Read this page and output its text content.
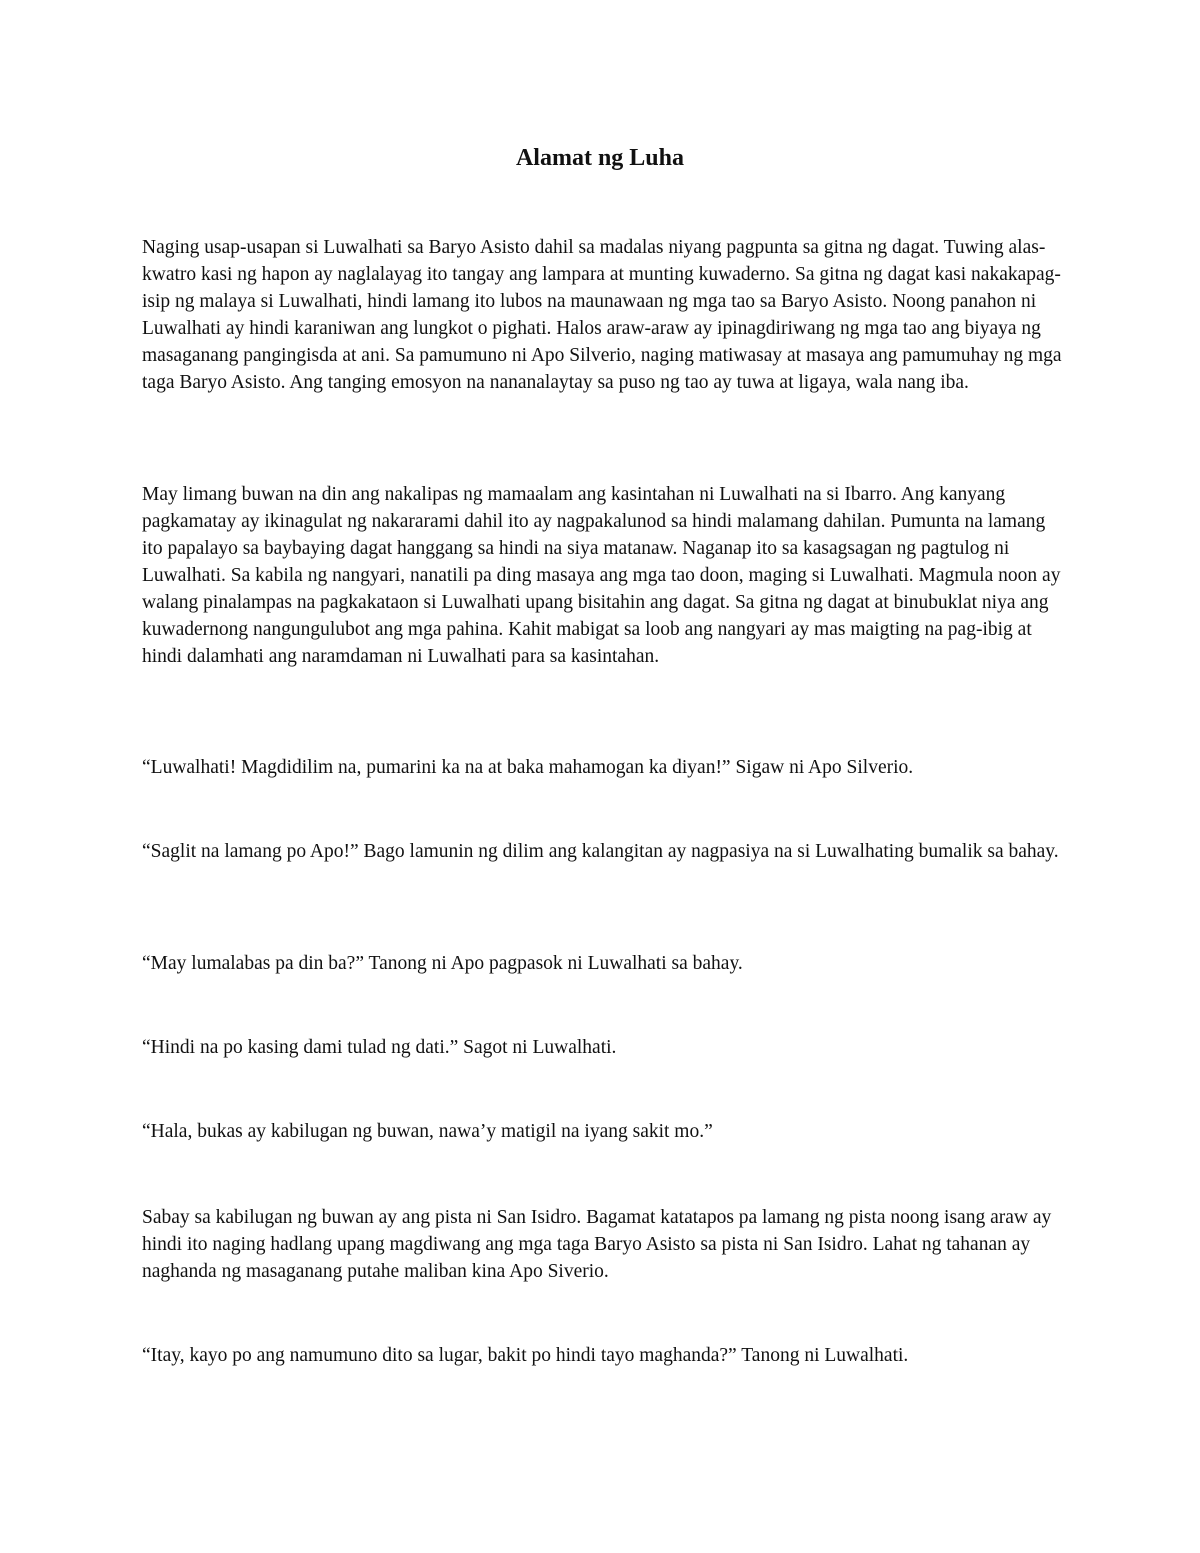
Alamat ng Luha

Naging usap-usapan si Luwalhati sa Baryo Asisto dahil sa madalas niyang pagpunta sa gitna ng dagat. Tuwing alas-kwatro kasi ng hapon ay naglalayag ito tangay ang lampara at munting kuwaderno. Sa gitna ng dagat kasi nakakapag-isip ng malaya si Luwalhati, hindi lamang ito lubos na maunawaan ng mga tao sa Baryo Asisto. Noong panahon ni Luwalhati ay hindi karaniwan ang lungkot o pighati. Halos araw-araw ay ipinagdiriwang ng mga tao ang biyaya ng masaganang pangingisda at ani. Sa pamumuno ni Apo Silverio, naging matiwasay at masaya ang pamumuhay ng mga taga Baryo Asisto. Ang tanging emosyon na nananalaytay sa puso ng tao ay tuwa at ligaya, wala nang iba.

May limang buwan na din ang nakalipas ng mamaalam ang kasintahan ni Luwalhati na si Ibarro. Ang kanyang pagkamatay ay ikinagulat ng nakararami dahil ito ay nagpakalunod sa hindi malamang dahilan. Pumunta na lamang ito papalayo sa baybaying dagat hanggang sa hindi na siya matanaw. Naganap ito sa kasagsagan ng pagtulog ni Luwalhati. Sa kabila ng nangyari, nanatili pa ding masaya ang mga tao doon, maging si Luwalhati. Magmula noon ay walang pinalampas na pagkakataon si Luwalhati upang bisitahin ang dagat. Sa gitna ng dagat at binubuklat niya ang kuwadernong nangungulubot ang mga pahina. Kahit mabigat sa loob ang nangyari ay mas maigting na pag-ibig at hindi dalamhati ang naramdaman ni Luwalhati para sa kasintahan.

“Luwalhati! Magdidilim na, pumarini ka na at baka mahamogan ka diyan!” Sigaw ni Apo Silverio.

“Saglit na lamang po Apo!” Bago lamunin ng dilim ang kalangitan ay nagpasiya na si Luwalhating bumalik sa bahay.

“May lumalabas pa din ba?” Tanong ni Apo pagpasok ni Luwalhati sa bahay.

“Hindi na po kasing dami tulad ng dati.” Sagot ni Luwalhati.

“Hala, bukas ay kabilugan ng buwan, nawa’y matigil na iyang sakit mo.”

Sabay sa kabilugan ng buwan ay ang pista ni San Isidro. Bagamat katatapos pa lamang ng pista noong isang araw ay hindi ito naging hadlang upang magdiwang ang mga taga Baryo Asisto sa pista ni San Isidro. Lahat ng tahanan ay naghanda ng masaganang putahe maliban kina Apo Siverio.

“Itay, kayo po ang namumuno dito sa lugar, bakit po hindi tayo maghanda?” Tanong ni Luwalhati.
